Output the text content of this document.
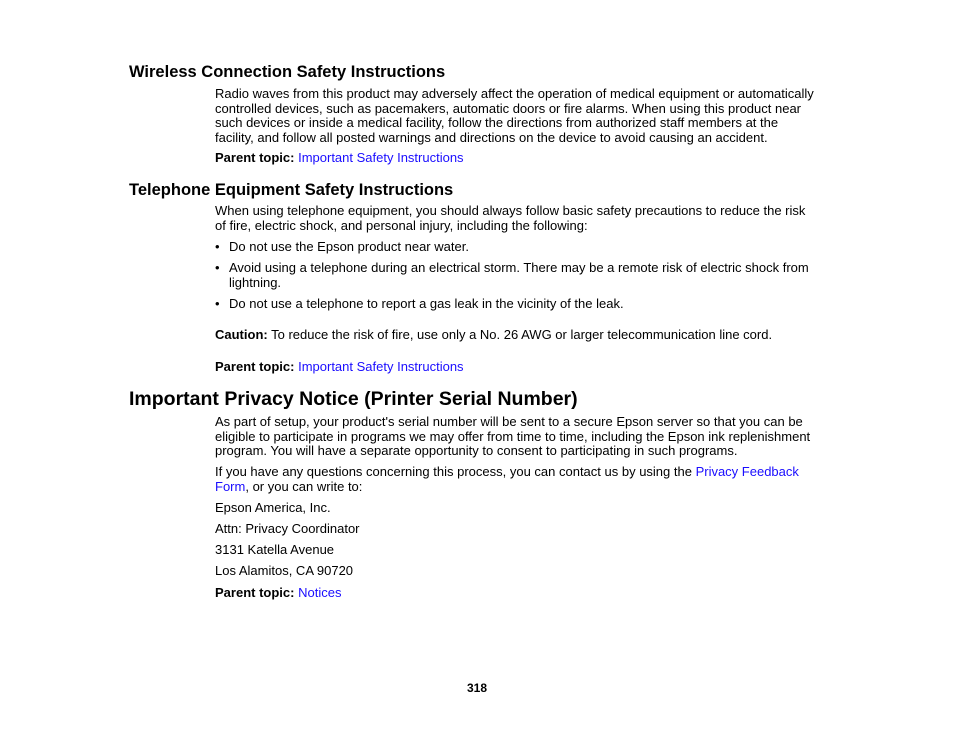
Wireless Connection Safety Instructions
Radio waves from this product may adversely affect the operation of medical equipment or automatically
controlled devices, such as pacemakers, automatic doors or fire alarms. When using this product near
such devices or inside a medical facility, follow the directions from authorized staff members at the
facility, and follow all posted warnings and directions on the device to avoid causing an accident.
Parent topic: Important Safety Instructions
Telephone Equipment Safety Instructions
When using telephone equipment, you should always follow basic safety precautions to reduce the risk
of fire, electric shock, and personal injury, including the following:
• Do not use the Epson product near water.
• Avoid using a telephone during an electrical storm. There may be a remote risk of electric shock from
lightning.
• Do not use a telephone to report a gas leak in the vicinity of the leak.
Caution: To reduce the risk of fire, use only a No. 26 AWG or larger telecommunication line cord.
Parent topic: Important Safety Instructions
Important Privacy Notice (Printer Serial Number)
As part of setup, your product's serial number will be sent to a secure Epson server so that you can be
eligible to participate in programs we may offer from time to time, including the Epson ink replenishment
program. You will have a separate opportunity to consent to participating in such programs.
If you have any questions concerning this process, you can contact us by using the Privacy Feedback
Form, or you can write to:
Epson America, Inc.
Attn: Privacy Coordinator
3131 Katella Avenue
Los Alamitos, CA 90720
Parent topic: Notices
318
